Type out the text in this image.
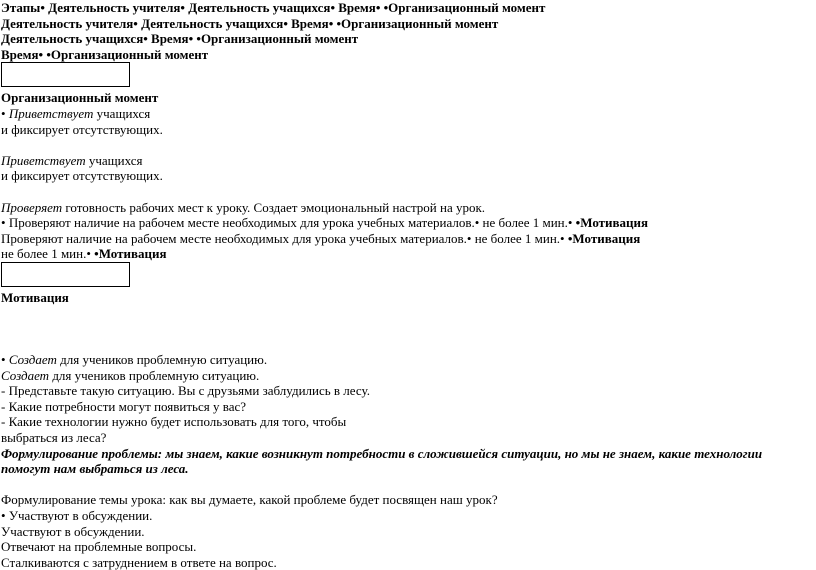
Этапы• Деятельность учителя• Деятельность учащихся• Время• •Организационный момент
Деятельность учителя• Деятельность учащихся• Время• •Организационный момент
Деятельность учащихся• Время• •Организационный момент
Время• •Организационный момент
Организационный момент
• Приветствует учащихся
и фиксирует отсутствующих.
Приветствует учащихся
и фиксирует отсутствующих.
Проверяет готовность рабочих мест к уроку. Создает эмоциональный настрой на урок.
• Проверяют наличие на рабочем месте необходимых для урока учебных материалов.• не более 1 мин.• •Мотивация
Проверяют наличие на рабочем месте необходимых для урока учебных материалов.• не более 1 мин.• •Мотивация
не более 1 мин.• •Мотивация
Мотивация
• Создает для учеников проблемную ситуацию.
Создает для учеников проблемную ситуацию.
- Представьте такую ситуацию. Вы с друзьями заблудились в лесу.
- Какие потребности могут появиться у вас?
- Какие технологии нужно будет использовать для того, чтобы
выбраться из леса?
Формулирование проблемы: мы знаем, какие возникнут потребности в сложившейся ситуации, но мы не знаем, какие технологии помогут нам выбраться из леса.
Формулирование темы урока: как вы думаете, какой проблеме будет посвящен наш урок?
• Участвуют в обсуждении.
Участвуют в обсуждении.
Отвечают на проблемные вопросы.
Сталкиваются с затруднением в ответе на вопрос.
